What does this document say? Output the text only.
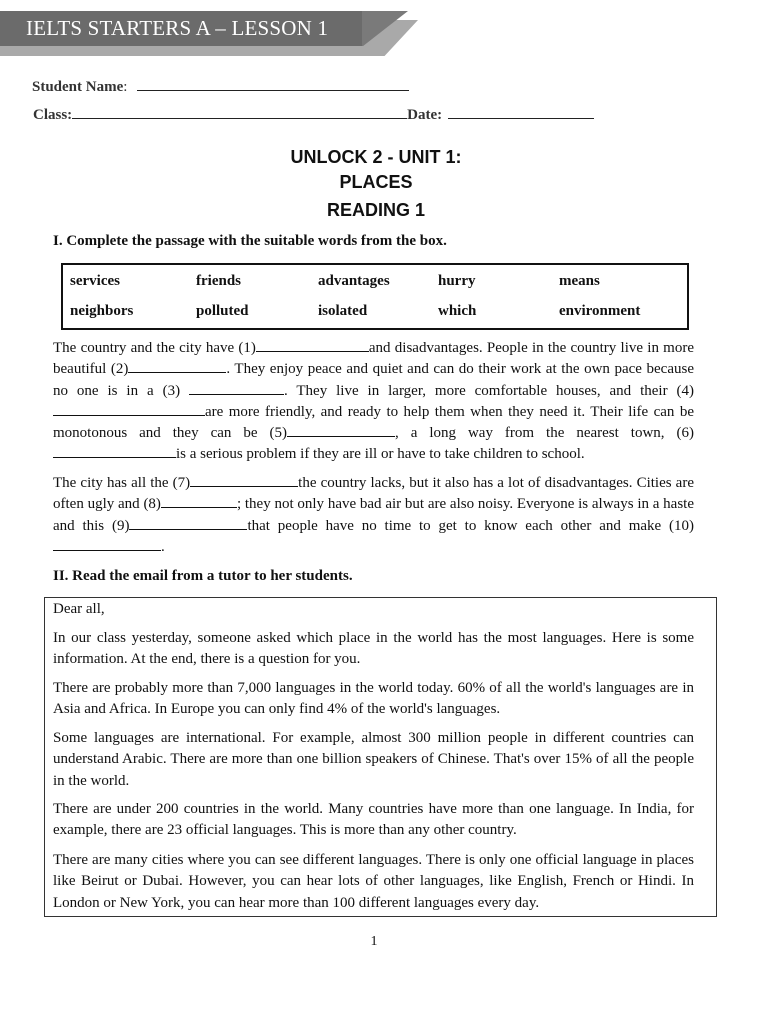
IELTS STARTERS A – LESSON 1
Student Name:
Class:	Date:
UNLOCK 2 - UNIT 1:
PLACES
READING 1
I. Complete the passage with the suitable words from the box.
services	friends	advantages	hurry	means
neighbors	polluted	isolated	which	environment
The country and the city have (1)	and disadvantages. People in the country live in more beautiful (2)	. They enjoy peace and quiet and can do their work at the own pace because no one is in a (3)	. They live in larger, more comfortable houses, and their (4)are more friendly, and ready to help them when they need it. Their life can be monotonous and they can be (5)	, a long way from the nearest town, (6) is a serious problem if they are ill or have to take children to school.
The city has all the (7)	the country lacks, but it also has a lot of disadvantages. Cities are often ugly and (8)	; they not only have bad air but are also noisy. Everyone is always in a haste and this (9)	that people have no time to get to know each other and make (10).
II. Read the email from a tutor to her students.

Dear all,

In our class yesterday, someone asked which place in the world has the most languages. Here is some information. At the end, there is a question for you.

There are probably more than 7,000 languages in the world today. 60% of all the world's languages are in Asia and Africa. In Europe you can only find 4% of the world's languages.

Some languages are international. For example, almost 300 million people in different countries can understand Arabic. There are more than one billion speakers of Chinese. That's over 15% of all the people in the world.

There are under 200 countries in the world. Many countries have more than one language. In India, for example, there are 23 official languages. This is more than any other country.

There are many cities where you can see different languages. There is only one official language in places like Beirut or Dubai. However, you can hear lots of other languages, like English, French or Hindi. In London or New York, you can hear more than 100 different languages every day.

1
